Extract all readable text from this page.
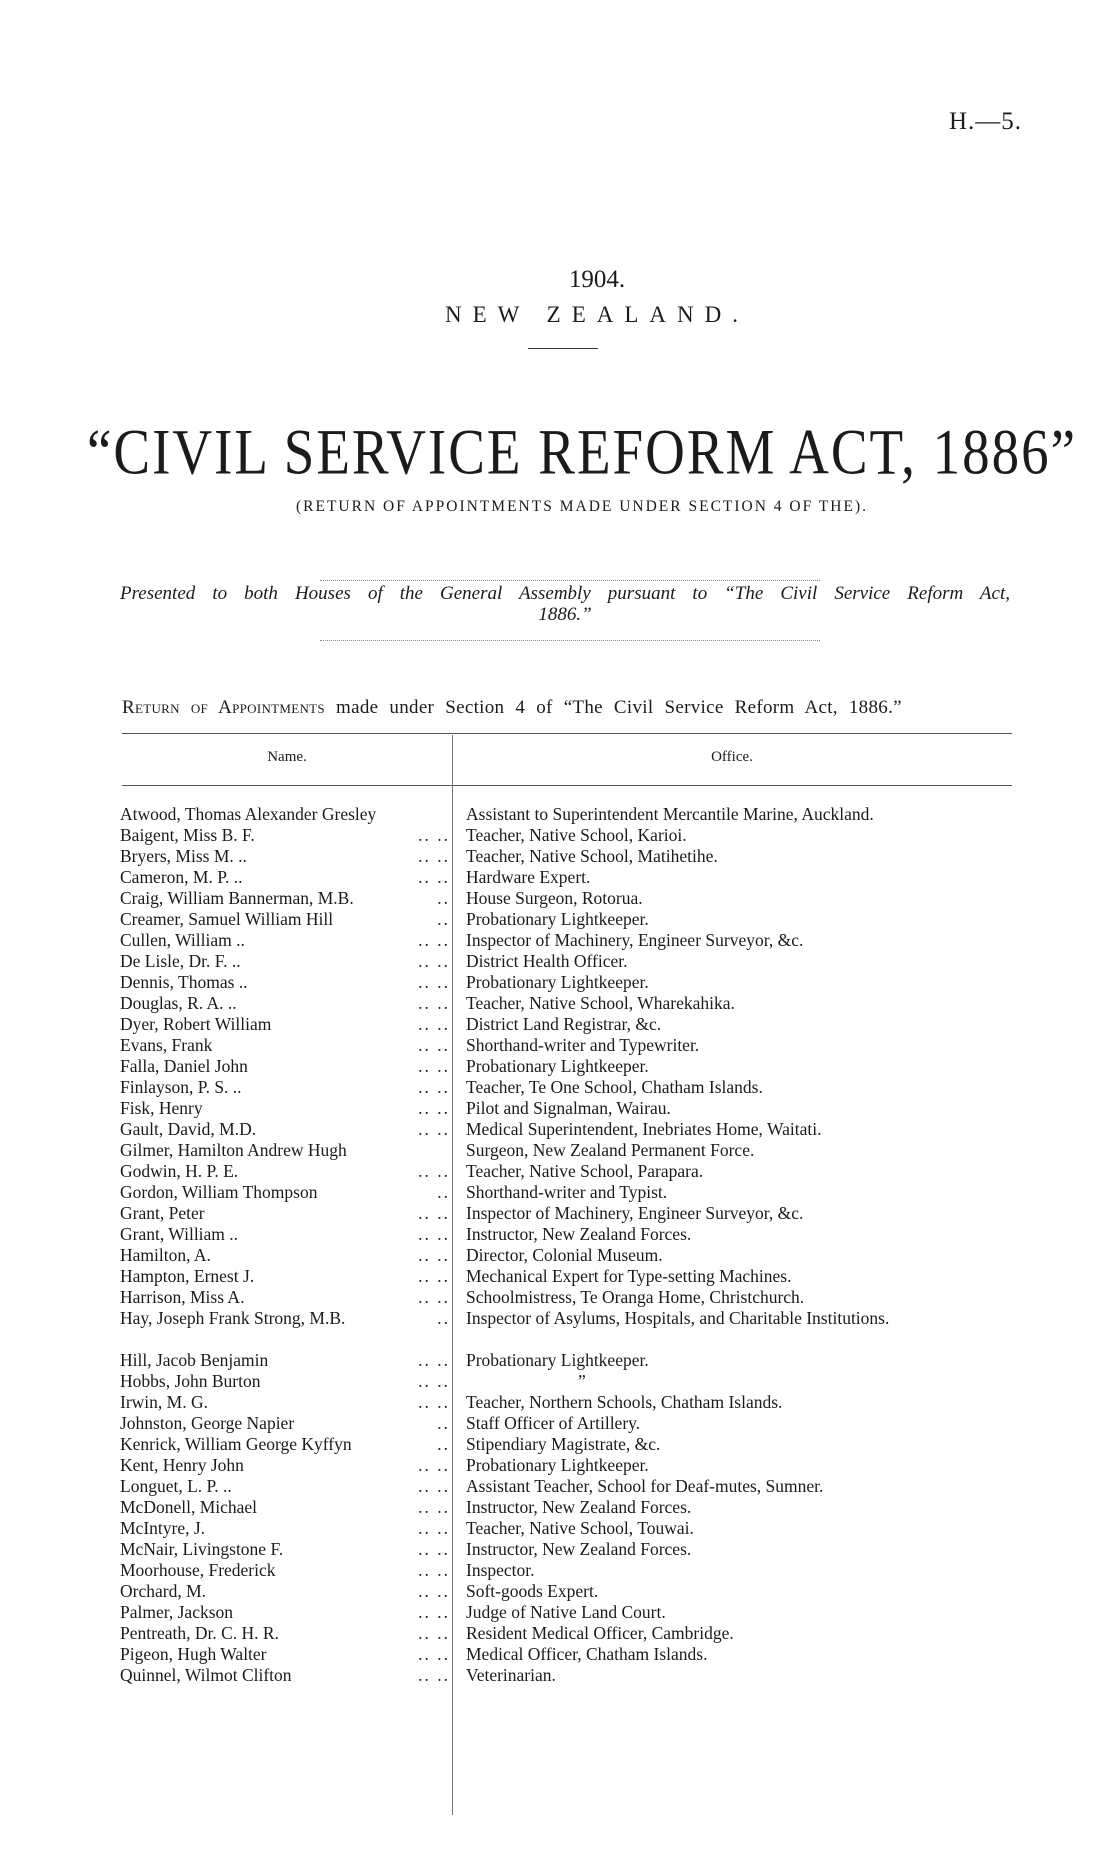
H.—5.
1904.
NEW ZEALAND.
“CIVIL SERVICE REFORM ACT, 1886”
(RETURN OF APPOINTMENTS MADE UNDER SECTION 4 OF THE).
Presented to both Houses of the General Assembly pursuant to “The Civil Service Reform Act, 1886.”
Return of Appointments made under Section 4 of “The Civil Service Reform Act, 1886.”
Name.	Office.
Atwood, Thomas Alexander Gresley	Assistant to Superintendent Mercantile Marine, Auckland.
Baigent, Miss B. F.	.. .. Teacher, Native School, Karioi.
Bryers, Miss M. ..	.. .. Teacher, Native School, Matihetihe.
Cameron, M. P. ..	.. .. Hardware Expert.
Craig, William Bannerman, M.B.	.. House Surgeon, Rotorua.
Creamer, Samuel William Hill	.. Probationary Lightkeeper.
Cullen, William ..	.. .. Inspector of Machinery, Engineer Surveyor, &c.
De Lisle, Dr. F. ..	.. .. District Health Officer.
Dennis, Thomas ..	.. .. Probationary Lightkeeper.
Douglas, R. A. ..	.. .. Teacher, Native School, Wharekahika.
Dyer, Robert William	.. .. District Land Registrar, &c.
Evans, Frank	.. .. Shorthand-writer and Typewriter.
Falla, Daniel John	.. .. Probationary Lightkeeper.
Finlayson, P. S. ..	.. .. Teacher, Te One School, Chatham Islands.
Fisk, Henry	.. .. Pilot and Signalman, Wairau.
Gault, David, M.D.	.. .. Medical Superintendent, Inebriates Home, Waitati.
Gilmer, Hamilton Andrew Hugh	Surgeon, New Zealand Permanent Force.
Godwin, H. P. E.	.. .. Teacher, Native School, Parapara.
Gordon, William Thompson	.. Shorthand-writer and Typist.
Grant, Peter	.. .. Inspector of Machinery, Engineer Surveyor, &c.
Grant, William ..	.. .. Instructor, New Zealand Forces.
Hamilton, A.	.. .. Director, Colonial Museum.
Hampton, Ernest J.	.. .. Mechanical Expert for Type-setting Machines.
Harrison, Miss A.	.. .. Schoolmistress, Te Oranga Home, Christchurch.
Hay, Joseph Frank Strong, M.B.	.. Inspector of Asylums, Hospitals, and Charitable Institutions.
Hill, Jacob Benjamin	.. .. Probationary Lightkeeper.
Hobbs, John Burton	.. ..	”
Irwin, M. G.	.. .. Teacher, Northern Schools, Chatham Islands.
Johnston, George Napier	.. Staff Officer of Artillery.
Kenrick, William George Kyffyn	.. Stipendiary Magistrate, &c.
Kent, Henry John	.. .. Probationary Lightkeeper.
Longuet, L. P. ..	.. .. Assistant Teacher, School for Deaf-mutes, Sumner.
McDonell, Michael	.. .. Instructor, New Zealand Forces.
McIntyre, J.	.. .. Teacher, Native School, Touwai.
McNair, Livingstone F.	.. .. Instructor, New Zealand Forces.
Moorhouse, Frederick	.. .. Inspector.
Orchard, M.	.. .. Soft-goods Expert.
Palmer, Jackson	.. .. Judge of Native Land Court.
Pentreath, Dr. C. H. R.	.. .. Resident Medical Officer, Cambridge.
Pigeon, Hugh Walter	.. .. Medical Officer, Chatham Islands.
Quinnel, Wilmot Clifton	.. .. Veterinarian.
